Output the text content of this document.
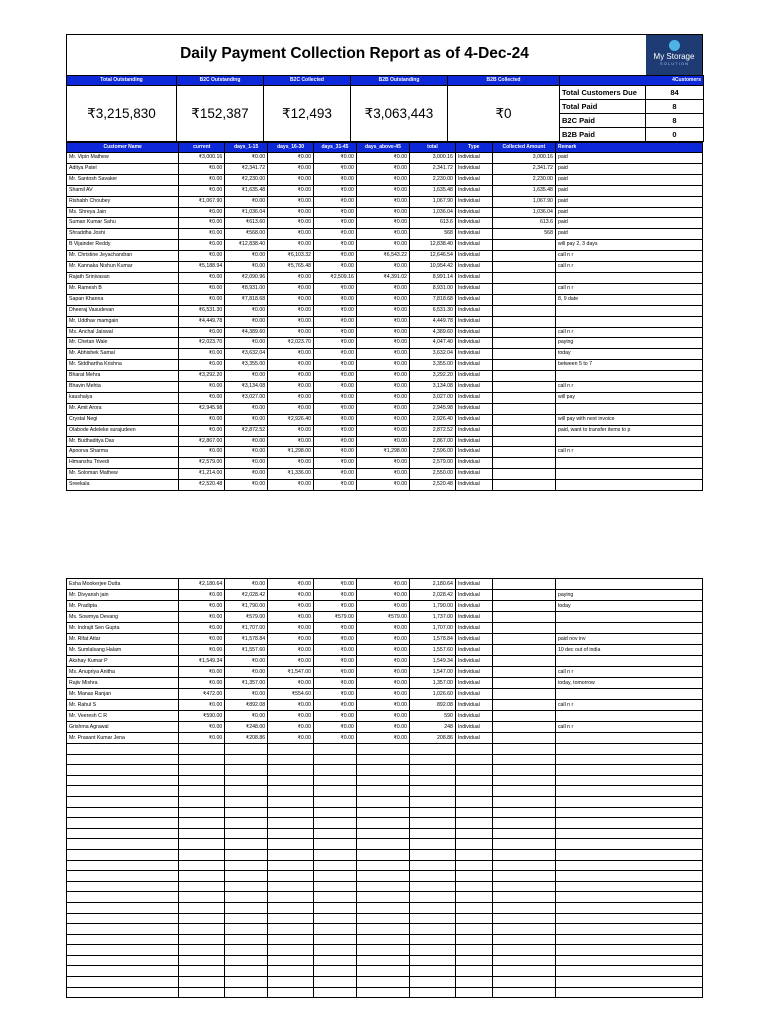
Daily Payment Collection Report as of 4-Dec-24	My Storage
S O L U T I O N
Total Outstanding	B2C Outstanding	B2C Collected	B2B Outstanding	B2B Collected	4Customers	
₹3,215,830	₹152,387	₹12,493	₹3,063,443	₹0	Total Customers Due	84
					Total Paid	8
					B2C Paid	8
					B2B Paid	0
Customer Name	current	days_1-15	days_16-30	days_31-45	days_above-45	total	Type	Collected Amount	Remark
Mr. Vipin Mathew	₹3,000.16	₹0.00	₹0.00	₹0.00	₹0.00	3,000.16	Individual	3,000.16	paid
Aditya Patel	₹0.00	₹2,341.72	₹0.00	₹0.00	₹0.00	2,341.72	Individual	2,341.72	paid
Mr. Santosh Savaker	₹0.00	₹2,230.00	₹0.00	₹0.00	₹0.00	2,230.00	Individual	2,230.00	paid
Shamil AV	₹0.00	₹1,635.48	₹0.00	₹0.00	₹0.00	1,635.48	Individual	1,635.48	paid
Rishabh Choubey	₹1,067.90	₹0.00	₹0.00	₹0.00	₹0.00	1,067.90	Individual	1,067.90	paid
Ms. Shreya Jain	₹0.00	₹1,036.04	₹0.00	₹0.00	₹0.00	1,036.04	Individual	1,036.04	paid
Suman Kumar Sahu	₹0.00	₹613.60	₹0.00	₹0.00	₹0.00	613.6	Individual	613.6	paid
Shraddha Joshi	₹0.00	₹568.00	₹0.00	₹0.00	₹0.00	568	Individual	568	paid
B Vijainder Reddy	₹0.00	₹12,838.40	₹0.00	₹0.00	₹0.00	12,838.40	Individual		will pay 2, 3 days
Mr. Christine Jeyachandran	₹0.00	₹0.00	₹6,103.32	₹0.00	₹6,543.22	12,646.54	Individual		call n r
Mr. Kannaka Nishun Kumar	₹5,188.94	₹0.00	₹5,765.48	₹0.00	₹0.00	10,954.42	Individual		call n r
Rajath Srinivasan	₹0.00	₹2,090.96	₹0.00	₹2,509.16	₹4,391.02	8,991.14	Individual		
Mr. Ramesh B	₹0.00	₹8,931.00	₹0.00	₹0.00	₹0.00	8,931.00	Individual		call n r
Sapan Khanna	₹0.00	₹7,818.68	₹0.00	₹0.00	₹0.00	7,818.68	Individual		8, 9 date
Dheeraj Vasudevan	₹6,531.30	₹0.00	₹0.00	₹0.00	₹0.00	6,531.30	Individual		
Mr. Uddhav mamgain	₹4,449.78	₹0.00	₹0.00	₹0.00	₹0.00	4,449.78	Individual		
Ms. Anchal Jaiswal	₹0.00	₹4,389.60	₹0.00	₹0.00	₹0.00	4,389.60	Individual		call n r
Mr. Chetan Wale	₹2,023.70	₹0.00	₹2,023.70	₹0.00	₹0.00	4,047.40	Individual		paying
Mr. Abhishek Samal	₹0.00	₹3,632.04	₹0.00	₹0.00	₹0.00	3,632.04	Individual		today
Mr. Siddhartha Krishna	₹0.00	₹3,355.00	₹0.00	₹0.00	₹0.00	3,355.00	Individual		between 5 to 7
Bharat Mehra	₹3,292.20	₹0.00	₹0.00	₹0.00	₹0.00	3,292.20	Individual		
Bhavin Mehta	₹0.00	₹3,134.08	₹0.00	₹0.00	₹0.00	3,134.08	Individual		call n r
kaushalya	₹0.00	₹3,027.00	₹0.00	₹0.00	₹0.00	3,027.00	Individual		will pay
Mr. Amit Arora	₹2,945.98	₹0.00	₹0.00	₹0.00	₹0.00	2,945.98	Individual		
Crystal Negi	₹0.00	₹0.00	₹2,926.40	₹0.00	₹0.00	2,926.40	Individual		will pay with next invoice
Olabode Adeleke surajudeen	₹0.00	₹2,872.52	₹0.00	₹0.00	₹0.00	2,872.52	Individual		paid, want to transfer items to p
Mr. Budhaditya Das	₹2,867.00	₹0.00	₹0.00	₹0.00	₹0.00	2,867.00	Individual		
Apoorva Sharma	₹0.00	₹0.00	₹1,298.00	₹0.00	₹1,298.00	2,596.00	Individual		call n r
Himanshu Trivedi	₹2,579.00	₹0.00	₹0.00	₹0.00	₹0.00	2,579.00	Individual		
Mr. Soloman Mathew	₹1,214.00	₹0.00	₹1,336.00	₹0.00	₹0.00	2,550.00	Individual		
Sreekala	₹2,520.48	₹0.00	₹0.00	₹0.00	₹0.00	2,520.48	Individual		
Esha Mookerjee Dutta	₹2,180.64	₹0.00	₹0.00	₹0.00	₹0.00	2,180.64	Individual		
Mr. Divyansh jain	₹0.00	₹2,028.42	₹0.00	₹0.00	₹0.00	2,028.42	Individual		paying
Mr. Pradipta	₹0.00	₹1,790.00	₹0.00	₹0.00	₹0.00	1,790.00	Individual		today
Ms. Sowmya Devang	₹0.00	₹579.00	₹0.00	₹579.00	₹579.00	1,737.00	Individual		
Mr. Indrajit Sen Gupta	₹0.00	₹1,707.00	₹0.00	₹0.00	₹0.00	1,707.00	Individual		
Mr. Rifat Attar	₹0.00	₹1,578.84	₹0.00	₹0.00	₹0.00	1,578.84	Individual		paid nov inv
Mr. Sumlalsang Halam	₹0.00	₹1,557.60	₹0.00	₹0.00	₹0.00	1,557.60	Individual		10 dec out of india
Akshay Kumar P	₹1,549.34	₹0.00	₹0.00	₹0.00	₹0.00	1,549.34	Individual		
Ms. Anupriya Anitha	₹0.00	₹0.00	₹1,547.00	₹0.00	₹0.00	1,547.00	Individual		call n r
Rajiv Mishra	₹0.00	₹1,357.00	₹0.00	₹0.00	₹0.00	1,357.00	Individual		today, tomorrow
Mr. Manas Ranjan	₹472.00	₹0.00	₹554.60	₹0.00	₹0.00	1,026.60	Individual		
Mr. Rahul S	₹0.00	₹892.08	₹0.00	₹0.00	₹0.00	892.08	Individual		call n r
Mr. Veeresh C R	₹590.00	₹0.00	₹0.00	₹0.00	₹0.00	590	Individual		
Grishma Agrawal	₹0.00	₹248.00	₹0.00	₹0.00	₹0.00	248	Individual		call n r
Mr. Prasant Kumar Jena	₹0.00	₹208.86	₹0.00	₹0.00	₹0.00	208.86	Individual		
